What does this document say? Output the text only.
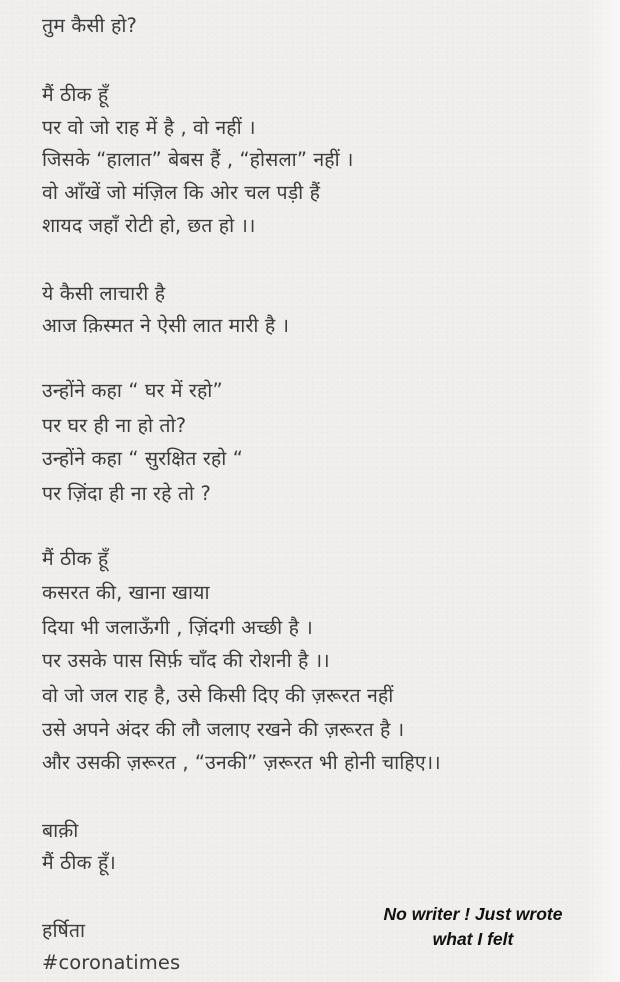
तुम कैसी हो?
मैं ठीक हूँ
पर वो जो राह में है , वो नहीं ।
जिसके “हालात” बेबस हैं , “होसला” नहीं ।
वो आँखें जो मंज़िल कि ओर चल पड़ी हैं
शायद जहाँ रोटी हो, छत हो ।।
ये कैसी लाचारी है
आज क़िस्मत ने ऐसी लात मारी है ।
उन्होंने कहा “ घर में रहो”
पर घर ही ना हो तो?
उन्होंने कहा “ सुरक्षित रहो “
पर ज़िंदा ही ना रहे तो ?
मैं ठीक हूँ
कसरत की, खाना खाया
दिया भी जलाऊँगी , ज़िंदगी अच्छी है ।
पर उसके पास सिर्फ़ चाँद की रोशनी है ।।
वो जो जल राह है, उसे किसी दिए की ज़रूरत नहीं
उसे अपने अंदर की लौ जलाए रखने की ज़रूरत है ।
और उसकी ज़रूरत , “उनकी” ज़रूरत भी होनी चाहिए।।
बाक़ी
मैं ठीक हूँ।
हर्षिता
#coronatimes
No writer ! Just wrote
what I felt
